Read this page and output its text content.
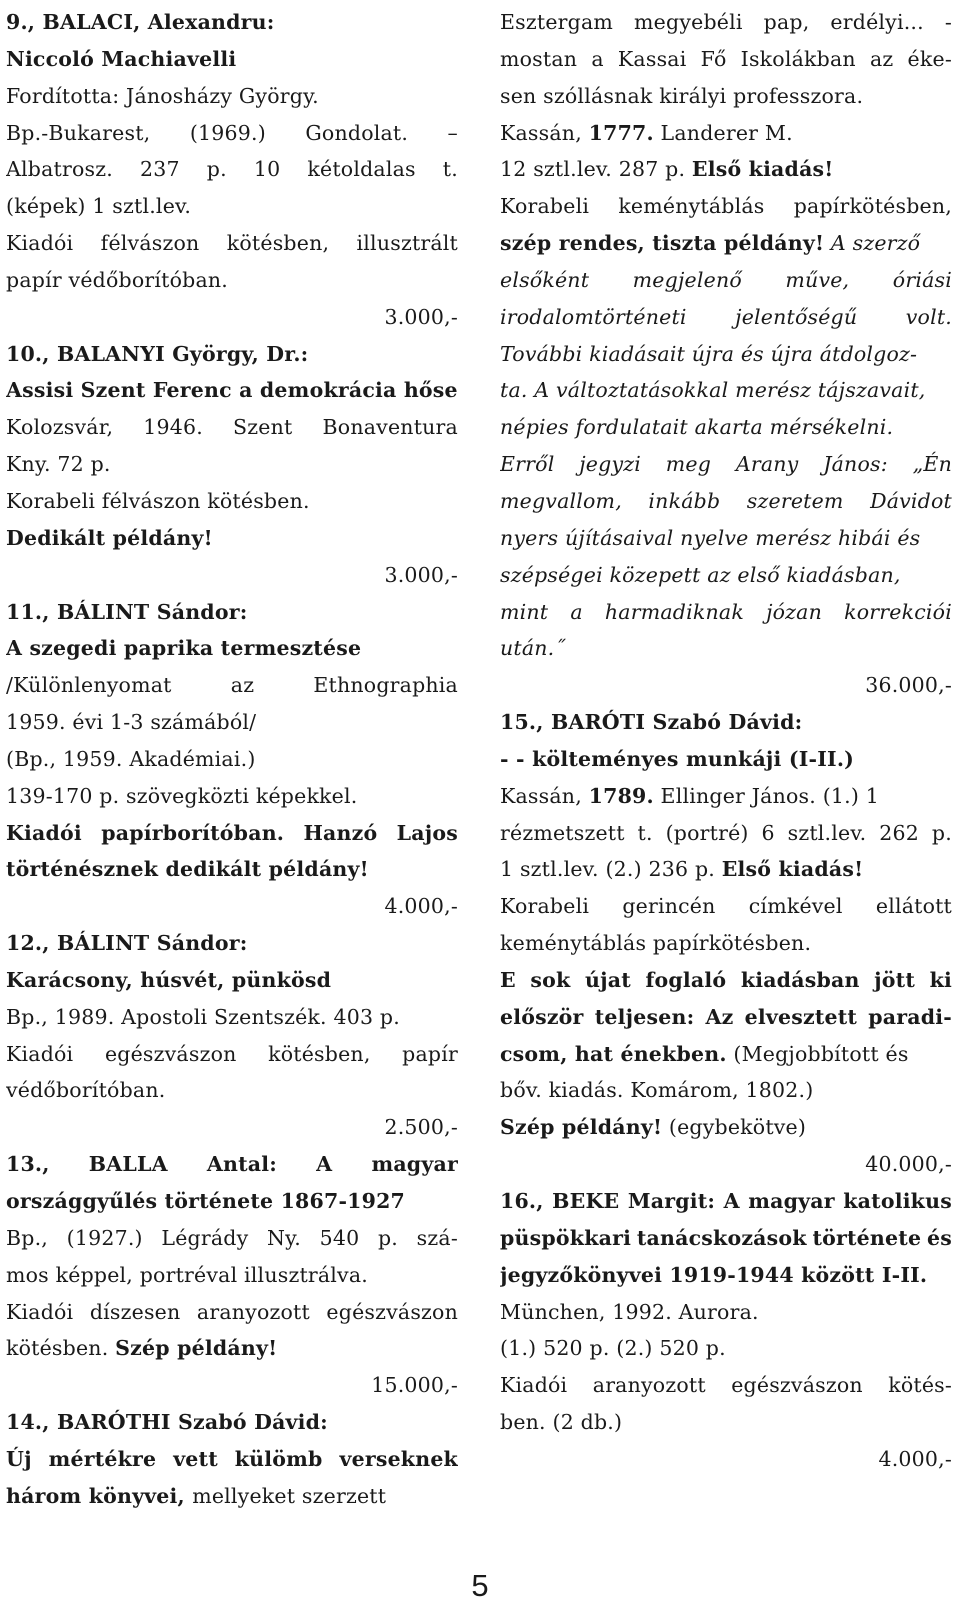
9., BALACI, Alexandru:
Niccoló Machiavelli
Fordította: Jánosházy György.
Bp.-Bukarest, (1969.) Gondolat. –
Albatrosz. 237 p. 10 kétoldalas t.
(képek) 1 sztl.lev.
Kiadói félvászon kötésben, illusztrált
papír védőborítóban.
3.000,-
10., BALANYI György, Dr.:
Assisi Szent Ferenc a demokrácia hőse
Kolozsvár, 1946. Szent Bonaventura
Kny. 72 p.
Korabeli félvászon kötésben.
Dedikált példány!
3.000,-
11., BÁLINT Sándor:
A szegedi paprika termesztése
/Különlenyomat	az	Ethnographia
1959. évi 1-3 számából/
(Bp., 1959. Akadémiai.)
139-170 p. szövegközti képekkel.
Kiadói papírborítóban. Hanzó Lajos
történésznek dedikált példány!
4.000,-
12., BÁLINT Sándor:
Karácsony, húsvét, pünkösd
Bp., 1989. Apostoli Szentszék. 403 p.
Kiadói egészvászon kötésben, papír
védőborítóban.
2.500,-
13., BALLA Antal: A magyar
országgyűlés története 1867-1927
Bp., (1927.) Légrády Ny. 540 p. szá-
mos képpel, portréval illusztrálva.
Kiadói díszesen aranyozott egészvászon
kötésben. Szép példány!
15.000,-
14., BARÓTHI Szabó Dávid:
Új mértékre vett külömb verseknek
három könyvei, mellyeket szerzett
Esztergam megyebéli pap, erdélyi... -
mostan a Kassai Fő Iskolákban az éke-
sen szóllásnak királyi professzora.
Kassán, 1777. Landerer M.
12 sztl.lev. 287 p. Első kiadás!
Korabeli keménytáblás papírkötésben,
szép rendes, tiszta példány! A szerző
elsőként megjelenő műve, óriási
irodalomtörténeti jelentőségű volt.
További kiadásait újra és újra átdolgoz-
ta. A változtatásokkal merész tájszavait,
népies fordulatait akarta mérsékelni.
Erről jegyzi meg Arany János: „Én
megvallom, inkább szeretem Dávidot
nyers újításaival nyelve merész hibái és
szépségei közepett az első kiadásban,
mint a harmadiknak józan korrekciói
után.˝
36.000,-
15., BARÓTI Szabó Dávid:
- - költeményes munkáji (I-II.)
Kassán, 1789. Ellinger János. (1.) 1
rézmetszett t. (portré) 6 sztl.lev. 262 p.
1 sztl.lev. (2.) 236 p. Első kiadás!
Korabeli gerincén címkével ellátott
keménytáblás papírkötésben.
E sok újat foglaló kiadásban jött ki
először teljesen: Az elvesztett paradi-
csom, hat énekben. (Megjobbított és
bőv. kiadás. Komárom, 1802.)
Szép példány! (egybekötve)
40.000,-
16., BEKE Margit: A magyar katolikus
püspökkari tanácskozások története és
jegyzőkönyvei 1919-1944 között I-II.
München, 1992. Aurora.
(1.) 520 p. (2.) 520 p.
Kiadói aranyozott egészvászon kötés-
ben. (2 db.)
4.000,-
5
